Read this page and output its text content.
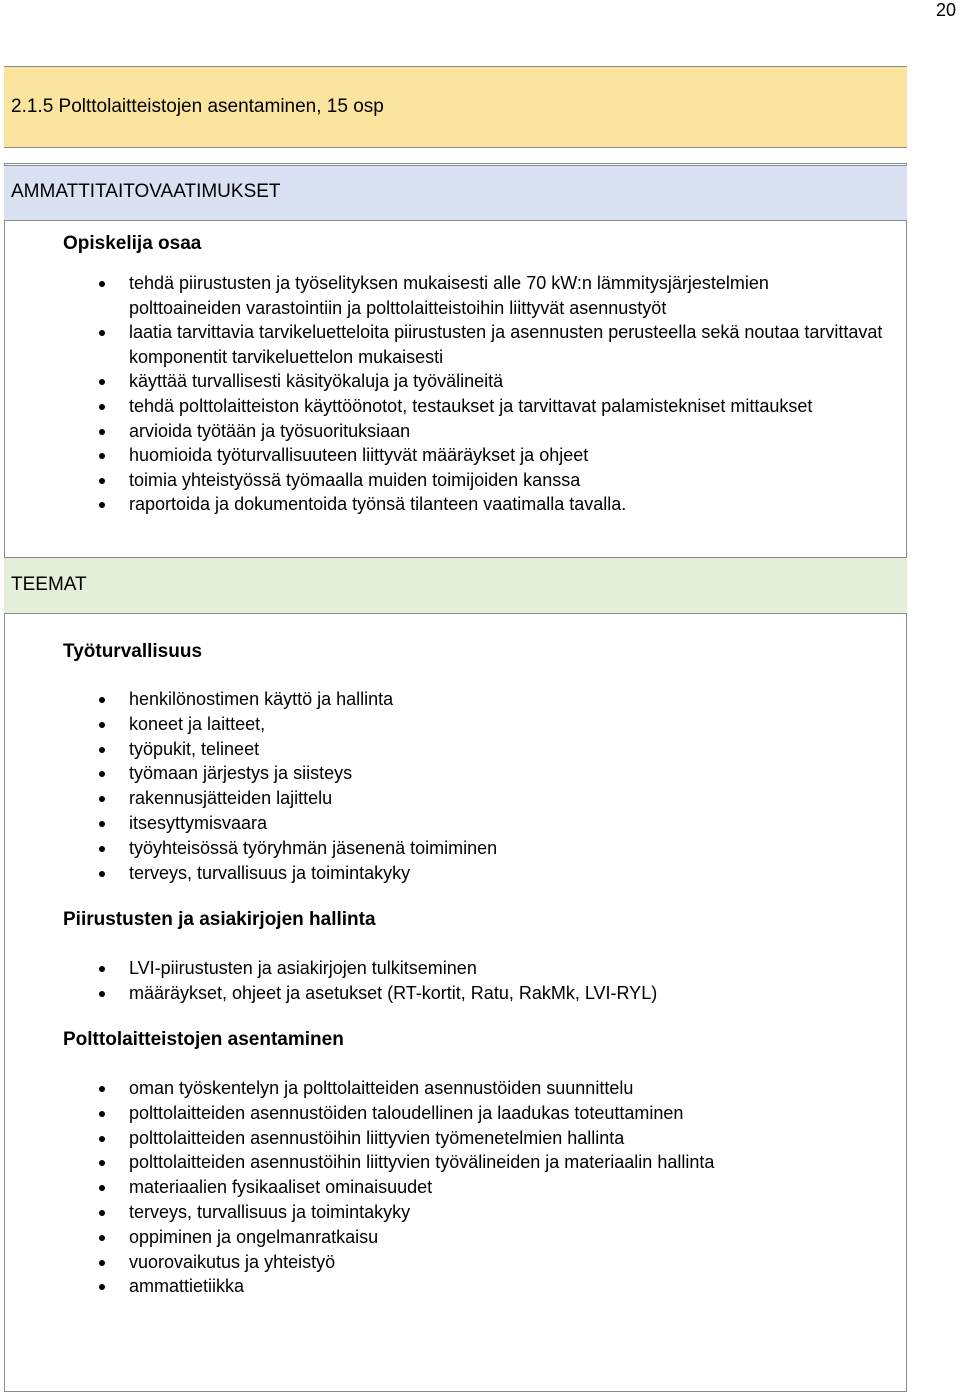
20
2.1.5 Polttolaitteistojen asentaminen, 15 osp
AMMATTITAITOVAATIMUKSET
Opiskelija osaa
tehdä piirustusten ja työselityksen mukaisesti alle 70 kW:n lämmitysjärjestelmien polttoaineiden varastointiin ja polttolaitteistoihin liittyvät asennustyöt
laatia tarvittavia tarvikeluetteloita piirustusten ja asennusten perusteella sekä noutaa tarvittavat komponentit tarvikeluettelon mukaisesti
käyttää turvallisesti käsityökaluja ja työvälineitä
tehdä polttolaitteiston käyttöönotot, testaukset ja tarvittavat palamistekniset mittaukset
arvioida työtään ja työsuorituksiaan
huomioida työturvallisuuteen liittyvät määräykset ja ohjeet
toimia yhteistyössä työmaalla muiden toimijoiden kanssa
raportoida ja dokumentoida työnsä tilanteen vaatimalla tavalla.
TEEMAT
Työturvallisuus
henkilönostimen käyttö ja hallinta
koneet ja laitteet,
työpukit, telineet
työmaan järjestys ja siisteys
rakennusjätteiden lajittelu
itsesyttymisvaara
työyhteisössä työryhmän jäsenenä toimiminen
terveys, turvallisuus ja toimintakyky
Piirustusten ja asiakirjojen hallinta
LVI-piirustusten ja asiakirjojen tulkitseminen
määräykset, ohjeet ja asetukset (RT-kortit, Ratu, RakMk, LVI-RYL)
Polttolaitteistojen asentaminen
oman työskentelyn ja polttolaitteiden asennustöiden suunnittelu
polttolaitteiden asennustöiden taloudellinen ja laadukas toteuttaminen
polttolaitteiden asennustöihin liittyvien työmenetelmien hallinta
polttolaitteiden asennustöihin liittyvien työvälineiden ja materiaalin hallinta
materiaalien fysikaaliset ominaisuudet
terveys, turvallisuus ja toimintakyky
oppiminen ja ongelmanratkaisu
vuorovaikutus ja yhteistyö
ammattietiikka
